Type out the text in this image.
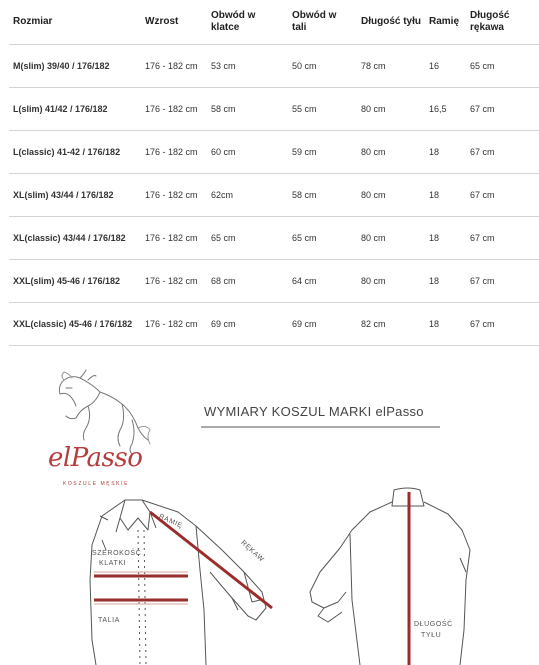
Rozmiar	Wzrost	Obwód w klatce	Obwód w tali	Długość tyłu	Ramię	Długość rękawa
M(slim) 39/40 / 176/182	176 - 182 cm	53 cm	50 cm	78 cm	16	65 cm
L(slim) 41/42 / 176/182	176 - 182 cm	58 cm	55 cm	80 cm	16,5	67 cm
L(classic) 41-42 / 176/182	176 - 182 cm	60 cm	59 cm	80 cm	18	67 cm
XL(slim) 43/44 / 176/182	176 - 182 cm	62cm	58 cm	80 cm	18	67 cm
XL(classic) 43/44 / 176/182	176 - 182 cm	65 cm	65 cm	80 cm	18	67 cm
XXL(slim) 45-46 / 176/182	176 - 182 cm	68 cm	64 cm	80 cm	18	67 cm
XXL(classic) 45-46 / 176/182	176 - 182 cm	69 cm	69 cm	82 cm	18	67 cm
WYMIARY KOSZUL MARKI elPasso
elPasso
KOSZULE MĘSKIE
RAMIĘ
RĘKAW
SZEROKOŚĆ
KLATKI
TALIA
DŁUGOŚĆ
TYŁU
